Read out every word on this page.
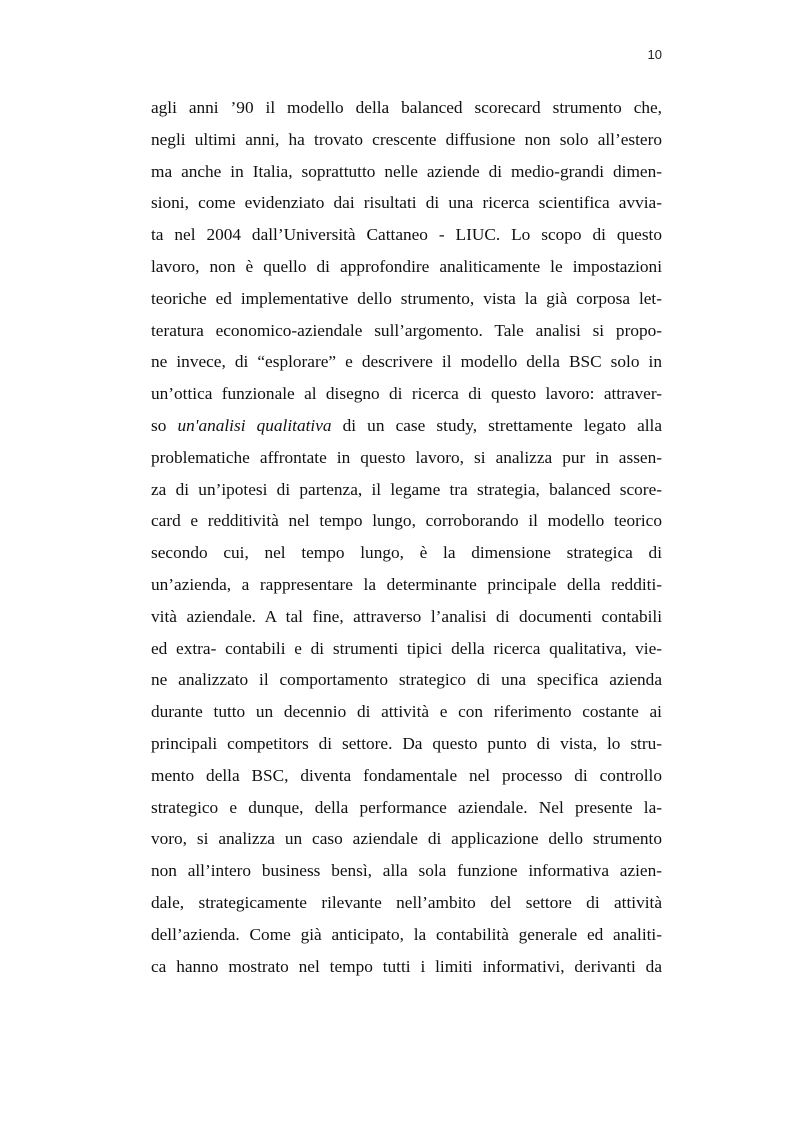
10
agli anni ’90 il modello della balanced scorecard strumento che,
negli ultimi anni, ha trovato crescente diffusione non solo all’estero
ma anche in Italia, soprattutto nelle aziende di medio-grandi dimen-
sioni, come evidenziato dai risultati di una ricerca scientifica avvia-
ta nel 2004 dall’Università Cattaneo - LIUC. Lo scopo di questo
lavoro, non è quello di approfondire analiticamente le impostazioni
teoriche ed implementative dello strumento, vista la già corposa let-
teratura economico-aziendale sull’argomento. Tale analisi si propo-
ne invece, di “esplorare” e descrivere il modello della BSC solo in
un’ottica funzionale al disegno di ricerca di questo lavoro: attraver-
so un'analisi qualitativa di un case study, strettamente legato alla
problematiche affrontate in questo lavoro, si analizza pur in assen-
za di un’ipotesi di partenza, il legame tra strategia, balanced score-
card e redditività nel tempo lungo, corroborando il modello teorico
secondo cui, nel tempo lungo, è la dimensione strategica di
un’azienda, a rappresentare la determinante principale della redditi-
vità aziendale. A tal fine, attraverso l’analisi di documenti contabili
ed extra- contabili e di strumenti tipici della ricerca qualitativa, vie-
ne analizzato il comportamento strategico di una specifica azienda
durante tutto un decennio di attività e con riferimento costante ai
principali competitors di settore. Da questo punto di vista, lo stru-
mento della BSC, diventa fondamentale nel processo di controllo
strategico e dunque, della performance aziendale. Nel presente la-
voro, si analizza un caso aziendale di applicazione dello strumento
non all’intero business bensì, alla sola funzione informativa azien-
dale, strategicamente rilevante nell’ambito del settore di attività
dell’azienda. Come già anticipato, la contabilità generale ed analiti-
ca hanno mostrato nel tempo tutti i limiti informativi, derivanti da
